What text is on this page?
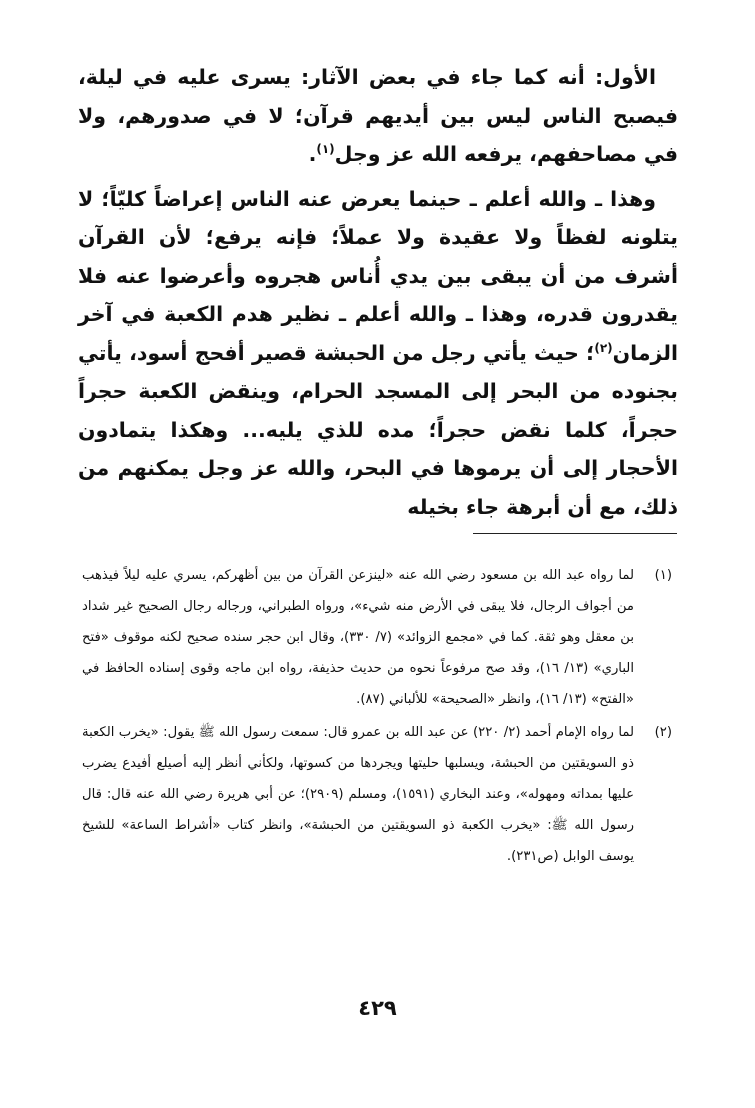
الأول: أنه كما جاء في بعض الآثار: يسرى عليه في ليلة، فيصبح الناس ليس بين أيديهم قرآن؛ لا في صدورهم، ولا في مصاحفهم، يرفعه الله عز وجل$^{(١)}$.

وهذا ـ والله أعلم ـ حينما يعرض عنه الناس إعراضاً كليّاً؛ لا يتلونه لفظاً ولا عقيدة ولا عملاً؛ فإنه يرفع؛ لأن القرآن أشرف من أن يبقى بين يدي أُناس هجروه وأعرضوا عنه فلا يقدرون قدره، وهذا ـ والله أعلم ـ نظير هدم الكعبة في آخر الزمان$^{(٢)}$؛ حيث يأتي رجل من الحبشة قصير أفحج أسود، يأتي بجنوده من البحر إلى المسجد الحرام، وينقض الكعبة حجراً حجراً، كلما نقض حجراً؛ مده للذي يليه... وهكذا يتمادون الأحجار إلى أن يرموها في البحر، والله عز وجل يمكنهم من ذلك، مع أن أبرهة جاء بخيله

(١)
لما رواه عبد الله بن مسعود رضي الله عنه «لينزعن القرآن من بين أظهركم، يسري عليه ليلاً فيذهب من أجواف الرجال، فلا يبقى في الأرض منه شيء»، ورواه الطبراني، ورجاله رجال الصحيح غير شداد بن معقل وهو ثقة. كما في «مجمع الزوائد» (٧/ ٣٣٠)، وقال ابن حجر سنده صحيح لكنه موقوف «فتح الباري» (١٣/ ١٦)، وقد صح مرفوعاً نحوه من حديث حذيفة، رواه ابن ماجه وقوى إسناده الحافظ في «الفتح» (١٣/ ١٦)، وانظر «الصحيحة» للألباني (٨٧).

(٢)
لما رواه الإمام أحمد (٢/ ٢٢٠) عن عبد الله بن عمرو قال: سمعت رسول الله ﷺ يقول: «يخرب الكعبة ذو السويقتين من الحبشة، ويسلبها حليتها ويجردها من كسوتها، ولكأني أنظر إليه أصيلع أفيدع يضرب عليها بمداته ومهوله»، وعند البخاري (١٥٩١)، ومسلم (٢٩٠٩)؛ عن أبي هريرة رضي الله عنه قال: قال رسول الله ﷺ: «يخرب الكعبة ذو السويقتين من الحبشة»، وانظر كتاب «أشراط الساعة» للشيخ يوسف الوابل (ص٢٣١).

٤٢٩
